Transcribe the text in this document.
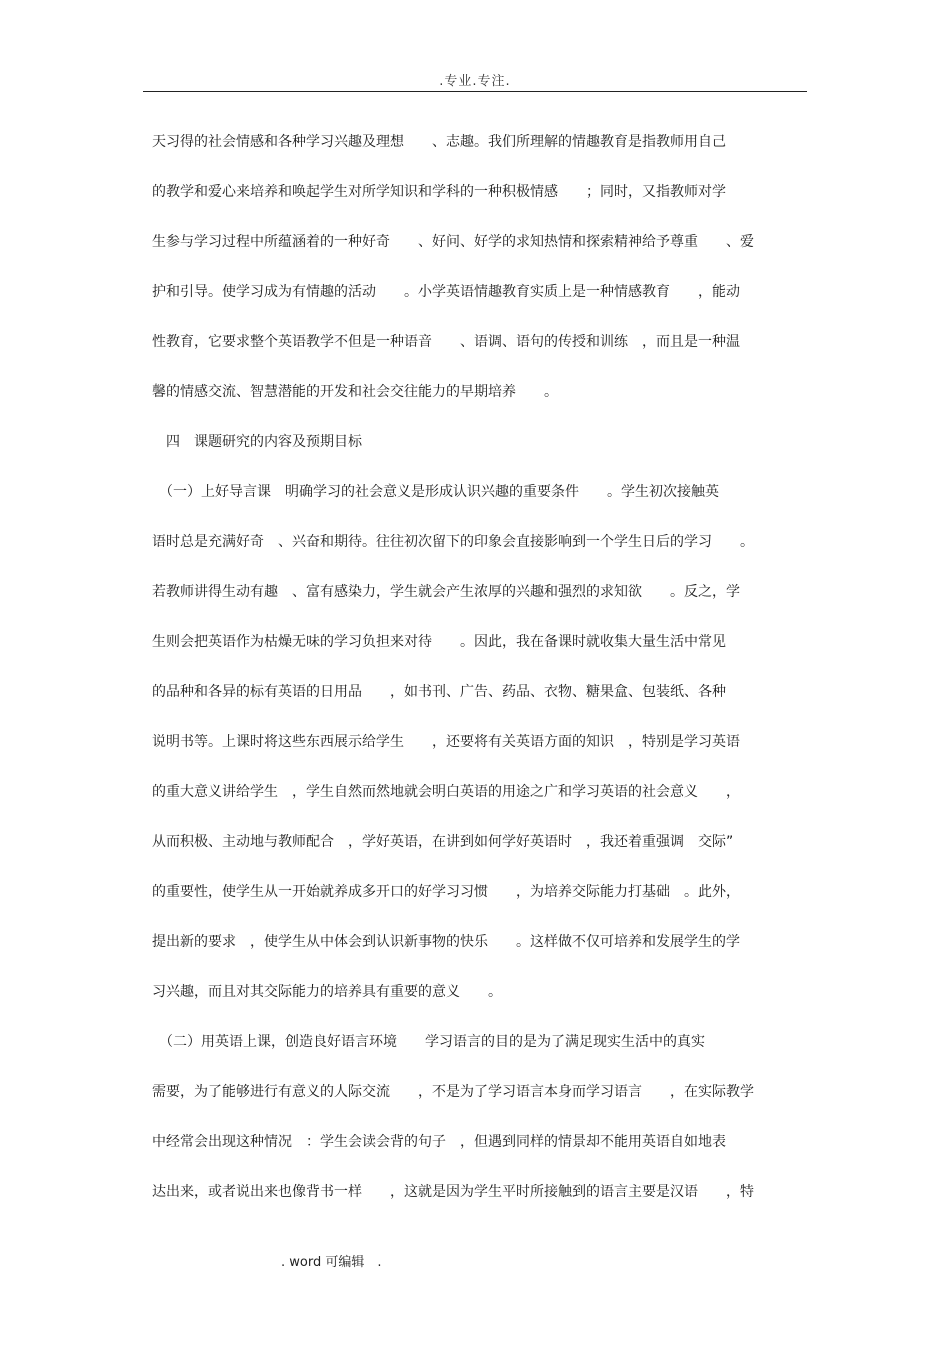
.专业.专注.
天习得的社会情感和各种学习兴趣及理想　　、志趣。我们所理解的情趣教育是指教师用自己
的教学和爱心来培养和唤起学生对所学知识和学科的一种积极情感　　；同时，又指教师对学
生参与学习过程中所蕴涵着的一种好奇　　、好问、好学的求知热情和探索精神给予尊重　　、爱
护和引导。使学习成为有情趣的活动　　。小学英语情趣教育实质上是一种情感教育　　，能动
性教育，它要求整个英语教学不但是一种语音　　、语调、语句的传授和训练　，而且是一种温
馨的情感交流、智慧潜能的开发和社会交往能力的早期培养　　。
　四　课题研究的内容及预期目标
　（一）上好导言课　明确学习的社会意义是形成认识兴趣的重要条件　　。学生初次接触英
语时总是充满好奇　、兴奋和期待。往往初次留下的印象会直接影响到一个学生日后的学习　　。
若教师讲得生动有趣　、富有感染力，学生就会产生浓厚的兴趣和强烈的求知欲　　。反之，学
生则会把英语作为枯燥无味的学习负担来对待　　。因此，我在备课时就收集大量生活中常见
的品种和各异的标有英语的日用品　　，如书刊、广告、药品、衣物、糖果盒、包装纸、各种
说明书等。上课时将这些东西展示给学生　　，还要将有关英语方面的知识　，特别是学习英语
的重大意义讲给学生　，学生自然而然地就会明白英语的用途之广和学习英语的社会意义　　，
从而积极、主动地与教师配合　，学好英语，在讲到如何学好英语时　，我还着重强调　交际”
的重要性，使学生从一开始就养成多开口的好学习习惯　　，为培养交际能力打基础　。此外，
提出新的要求　，使学生从中体会到认识新事物的快乐　　。这样做不仅可培养和发展学生的学
习兴趣，而且对其交际能力的培养具有重要的意义　　。
　（二）用英语上课，创造良好语言环境　　学习语言的目的是为了满足现实生活中的真实
需要，为了能够进行有意义的人际交流　　，不是为了学习语言本身而学习语言　　，在实际教学
中经常会出现这种情况　：学生会读会背的句子　，但遇到同样的情景却不能用英语自如地表
达出来，或者说出来也像背书一样　　，这就是因为学生平时所接触到的语言主要是汉语　　，特
. word 可编辑　.
